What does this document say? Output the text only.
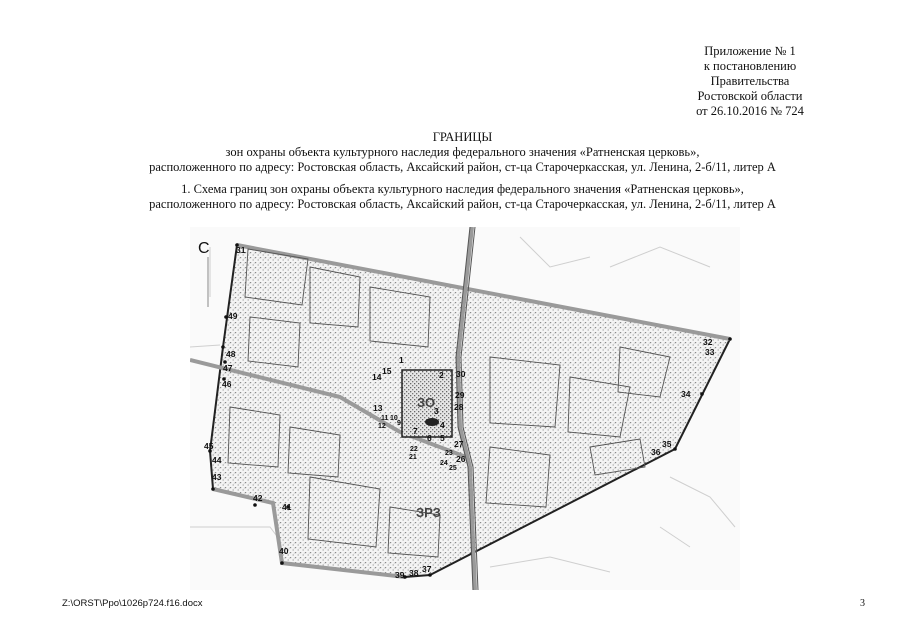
Приложение № 1
к постановлению
Правительства
Ростовской области
от 26.10.2016 № 724
ГРАНИЦЫ
зон охраны объекта культурного наследия федерального значения «Ратненская церковь»,
расположенного по адресу: Ростовская область, Аксайский район, ст-ца Старочеркасская, ул. Ленина, 2-б/11, литер А
1. Схема границ зон охраны объекта культурного наследия федерального значения «Ратненская церковь»,
расположенного по адресу: Ростовская область, Аксайский район, ст-ца Старочеркасская, ул. Ленина, 2-б/11, литер А
С
ЗО
ЗРЗ
31
49
48
47
46
45
44
43
42
41
40
39 38 37
36
35
34
33
32
30
29
28
27
26
25
24
23
22
21
1
2
3
4
5
6
7
9
10
11
12
13
14
15
Z:\ORST\Ppo\1026p724.f16.docx	3
